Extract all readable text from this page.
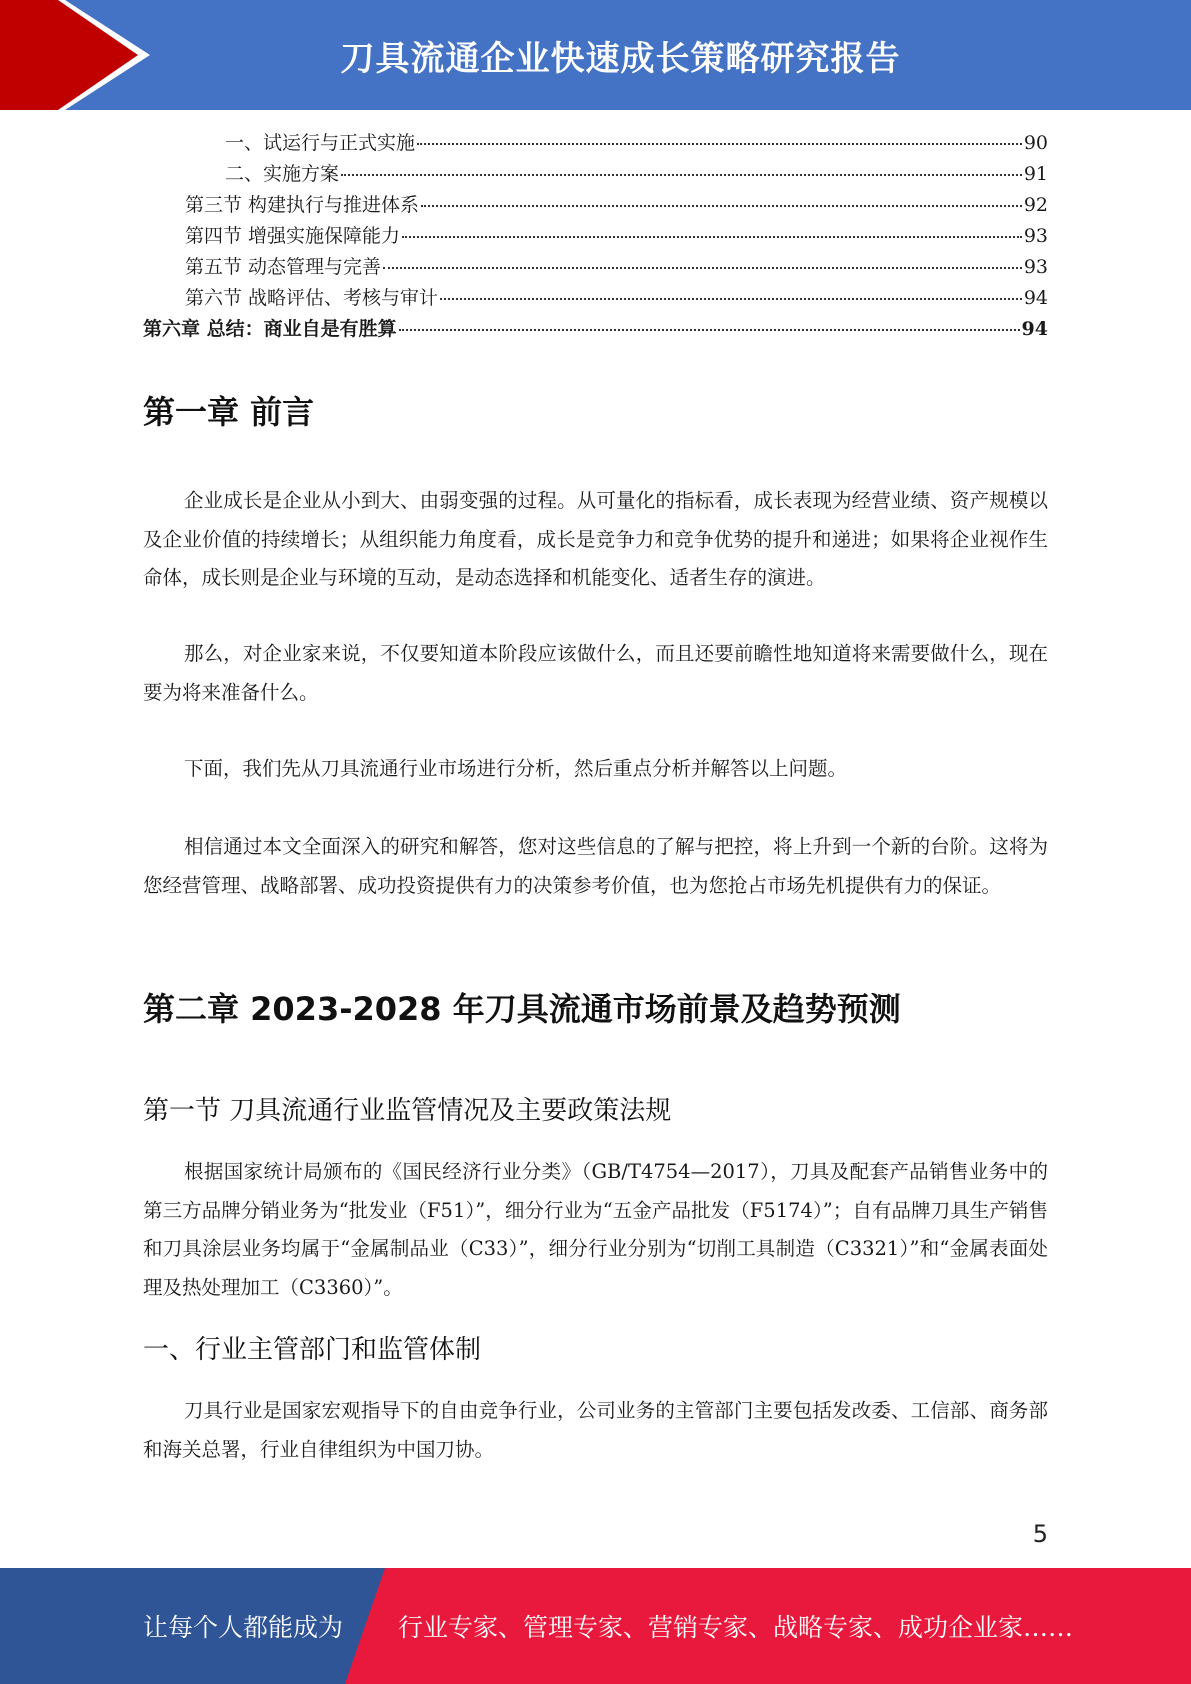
刀具流通企业快速成长策略研究报告
一、试运行与正式实施	90
二、实施方案	91
第三节 构建执行与推进体系	92
第四节 增强实施保障能力	93
第五节 动态管理与完善	93
第六节 战略评估、考核与审计	94
第六章 总结：商业自是有胜算	94
第一章 前言

企业成长是企业从小到大、由弱变强的过程。从可量化的指标看，成长表现为经营业绩、资产规模以及企业价值的持续增长；从组织能力角度看，成长是竞争力和竞争优势的提升和递进；如果将企业视作生命体，成长则是企业与环境的互动，是动态选择和机能变化、适者生存的演进。

那么，对企业家来说，不仅要知道本阶段应该做什么，而且还要前瞻性地知道将来需要做什么，现在要为将来准备什么。

下面，我们先从刀具流通行业市场进行分析，然后重点分析并解答以上问题。

相信通过本文全面深入的研究和解答，您对这些信息的了解与把控，将上升到一个新的台阶。这将为您经营管理、战略部署、成功投资提供有力的决策参考价值，也为您抢占市场先机提供有力的保证。

第二章 2023-2028 年刀具流通市场前景及趋势预测
第一节 刀具流通行业监管情况及主要政策法规

根据国家统计局颁布的《国民经济行业分类》（GB/T4754—2017），刀具及配套产品销售业务中的第三方品牌分销业务为“批发业（F51）”，细分行业为“五金产品批发（F5174）”；自有品牌刀具生产销售和刀具涂层业务均属于“金属制品业（C33）”，细分行业分别为“切削工具制造（C3321）”和“金属表面处理及热处理加工（C3360）”。

一、行业主管部门和监管体制

刀具行业是国家宏观指导下的自由竞争行业，公司业务的主管部门主要包括发改委、工信部、商务部和海关总署，行业自律组织为中国刀协。

5
让每个人都能成为 行业专家、管理专家、营销专家、战略专家、成功企业家……
